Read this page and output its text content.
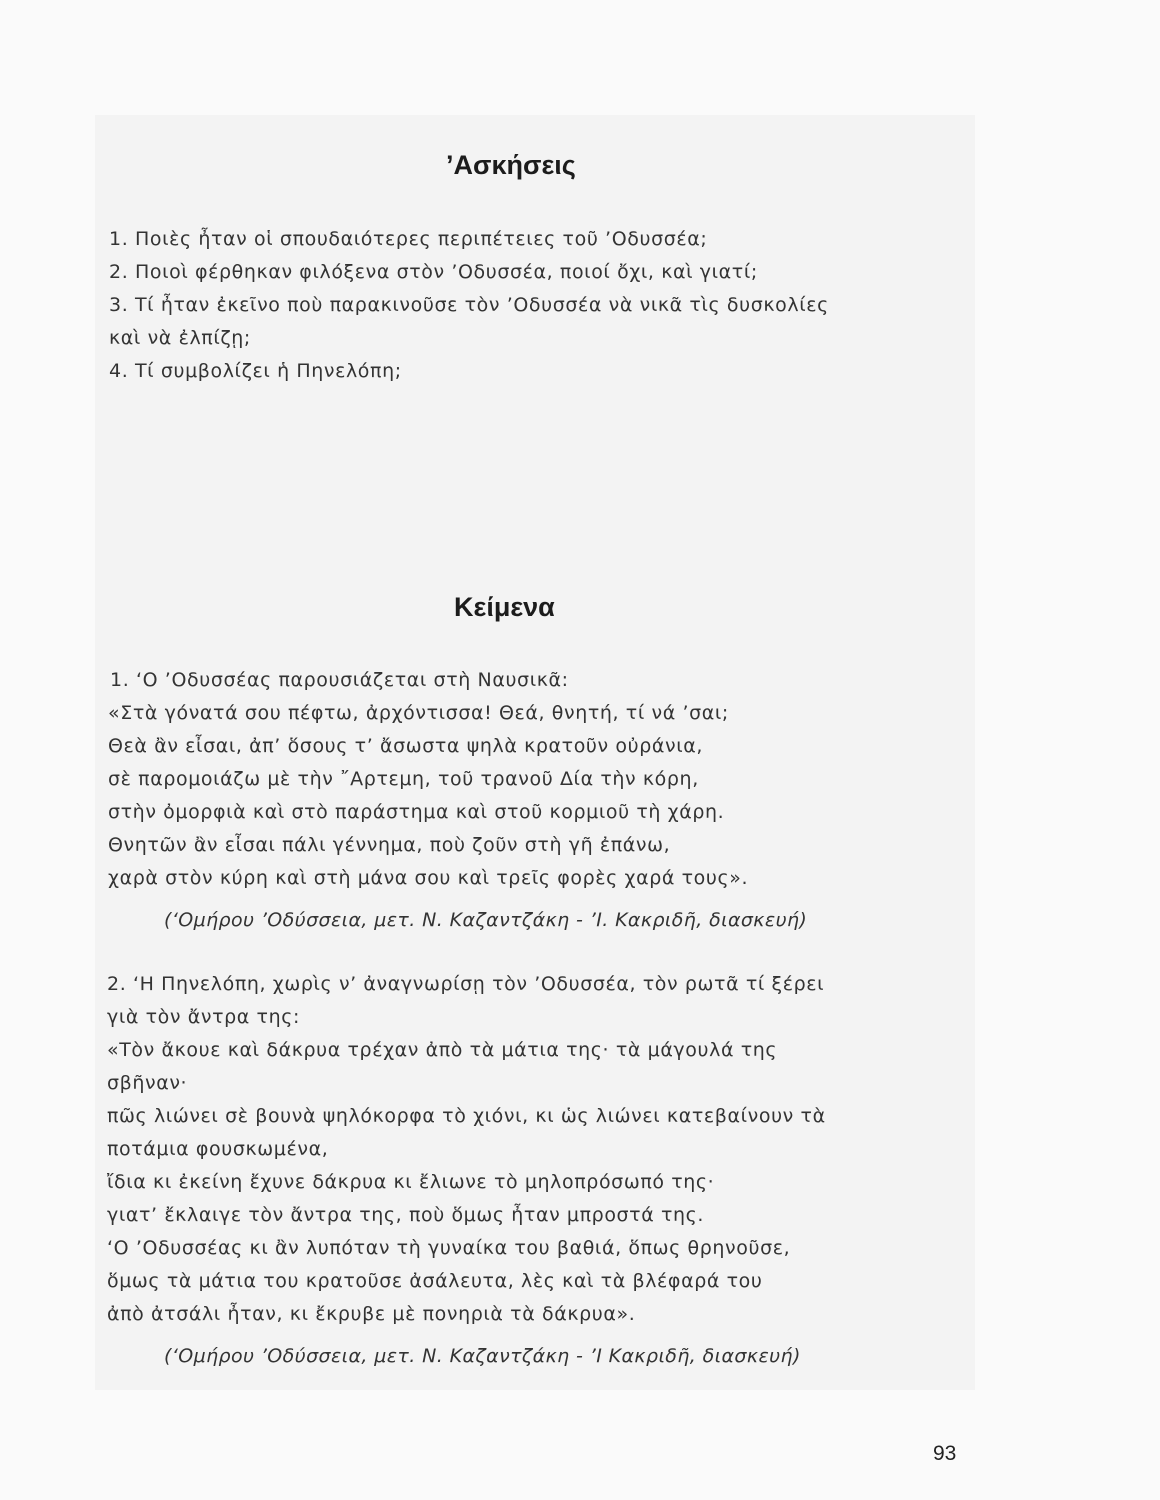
’Ασκήσεις

1. Ποιὲς ἦταν οἱ σπουδαιότερες περιπέτειες τοῦ ’Οδυσσέα;

2. Ποιοὶ φέρθηκαν φιλόξενα στὸν ’Οδυσσέα, ποιοί ὄχι, καὶ γιατί;

3. Τί ἦταν ἐκεῖνο ποὺ παρακινοῦσε τὸν ’Οδυσσέα νὰ νικᾶ τὶς δυσκολίες

καὶ νὰ ἐλπίζῃ;

4. Τί συμβολίζει ἡ Πηνελόπη;

Κείμενα

1. ‘Ο ’Οδυσσέας παρουσιάζεται στὴ Ναυσικᾶ:

«Στὰ γόνατά σου πέφτω, ἀρχόντισσα! Θεά, θνητή, τί νά ’σαι;

Θεὰ ἂν εἶσαι, ἀπ’ ὅσους τ’ ἄσωστα ψηλὰ κρατοῦν οὐράνια,

σὲ παρομοιάζω μὲ τὴν ῎Αρτεμη, τοῦ τρανοῦ Δία τὴν κόρη,

στὴν ὀμορφιὰ καὶ στὸ παράστημα καὶ στοῦ κορμιοῦ τὴ χάρη.

Θνητῶν ἂν εἶσαι πάλι γέννημα, ποὺ ζοῦν στὴ γῆ ἐπάνω,

χαρὰ στὸν κύρη καὶ στὴ μάνα σου καὶ τρεῖς φορὲς χαρά τους».

(‘Ομήρου ’Οδύσσεια, μετ. Ν. Καζαντζάκη - ’Ι. Κακριδῆ, διασκευή)

2. ‘Η Πηνελόπη, χωρὶς ν’ ἀναγνωρίσῃ τὸν ’Οδυσσέα, τὸν ρωτᾶ τί ξέρει

γιὰ τὸν ἄντρα της:

«Τὸν ἄκουε καὶ δάκρυα τρέχαν ἀπὸ τὰ μάτια της· τὰ μάγουλά της

σβῆναν·

πῶς λιώνει σὲ βουνὰ ψηλόκορφα τὸ χιόνι, κι ὡς λιώνει κατεβαίνουν τὰ

ποτάμια φουσκωμένα,

ἴδια κι ἐκείνη ἔχυνε δάκρυα κι ἔλιωνε τὸ μηλοπρόσωπό της·

γιατ’ ἔκλαιγε τὸν ἄντρα της, ποὺ ὅμως ἦταν μπροστά της.

‘Ο ’Οδυσσέας κι ἂν λυπόταν τὴ γυναίκα του βαθιά, ὅπως θρηνοῦσε,

ὅμως τὰ μάτια του κρατοῦσε ἀσάλευτα, λὲς καὶ τὰ βλέφαρά του

ἀπὸ ἀτσάλι ἦταν, κι ἔκρυβε μὲ πονηριὰ τὰ δάκρυα».

(‘Ομήρου ’Οδύσσεια, μετ. Ν. Καζαντζάκη - ’Ι Κακριδῆ, διασκευή)

93
